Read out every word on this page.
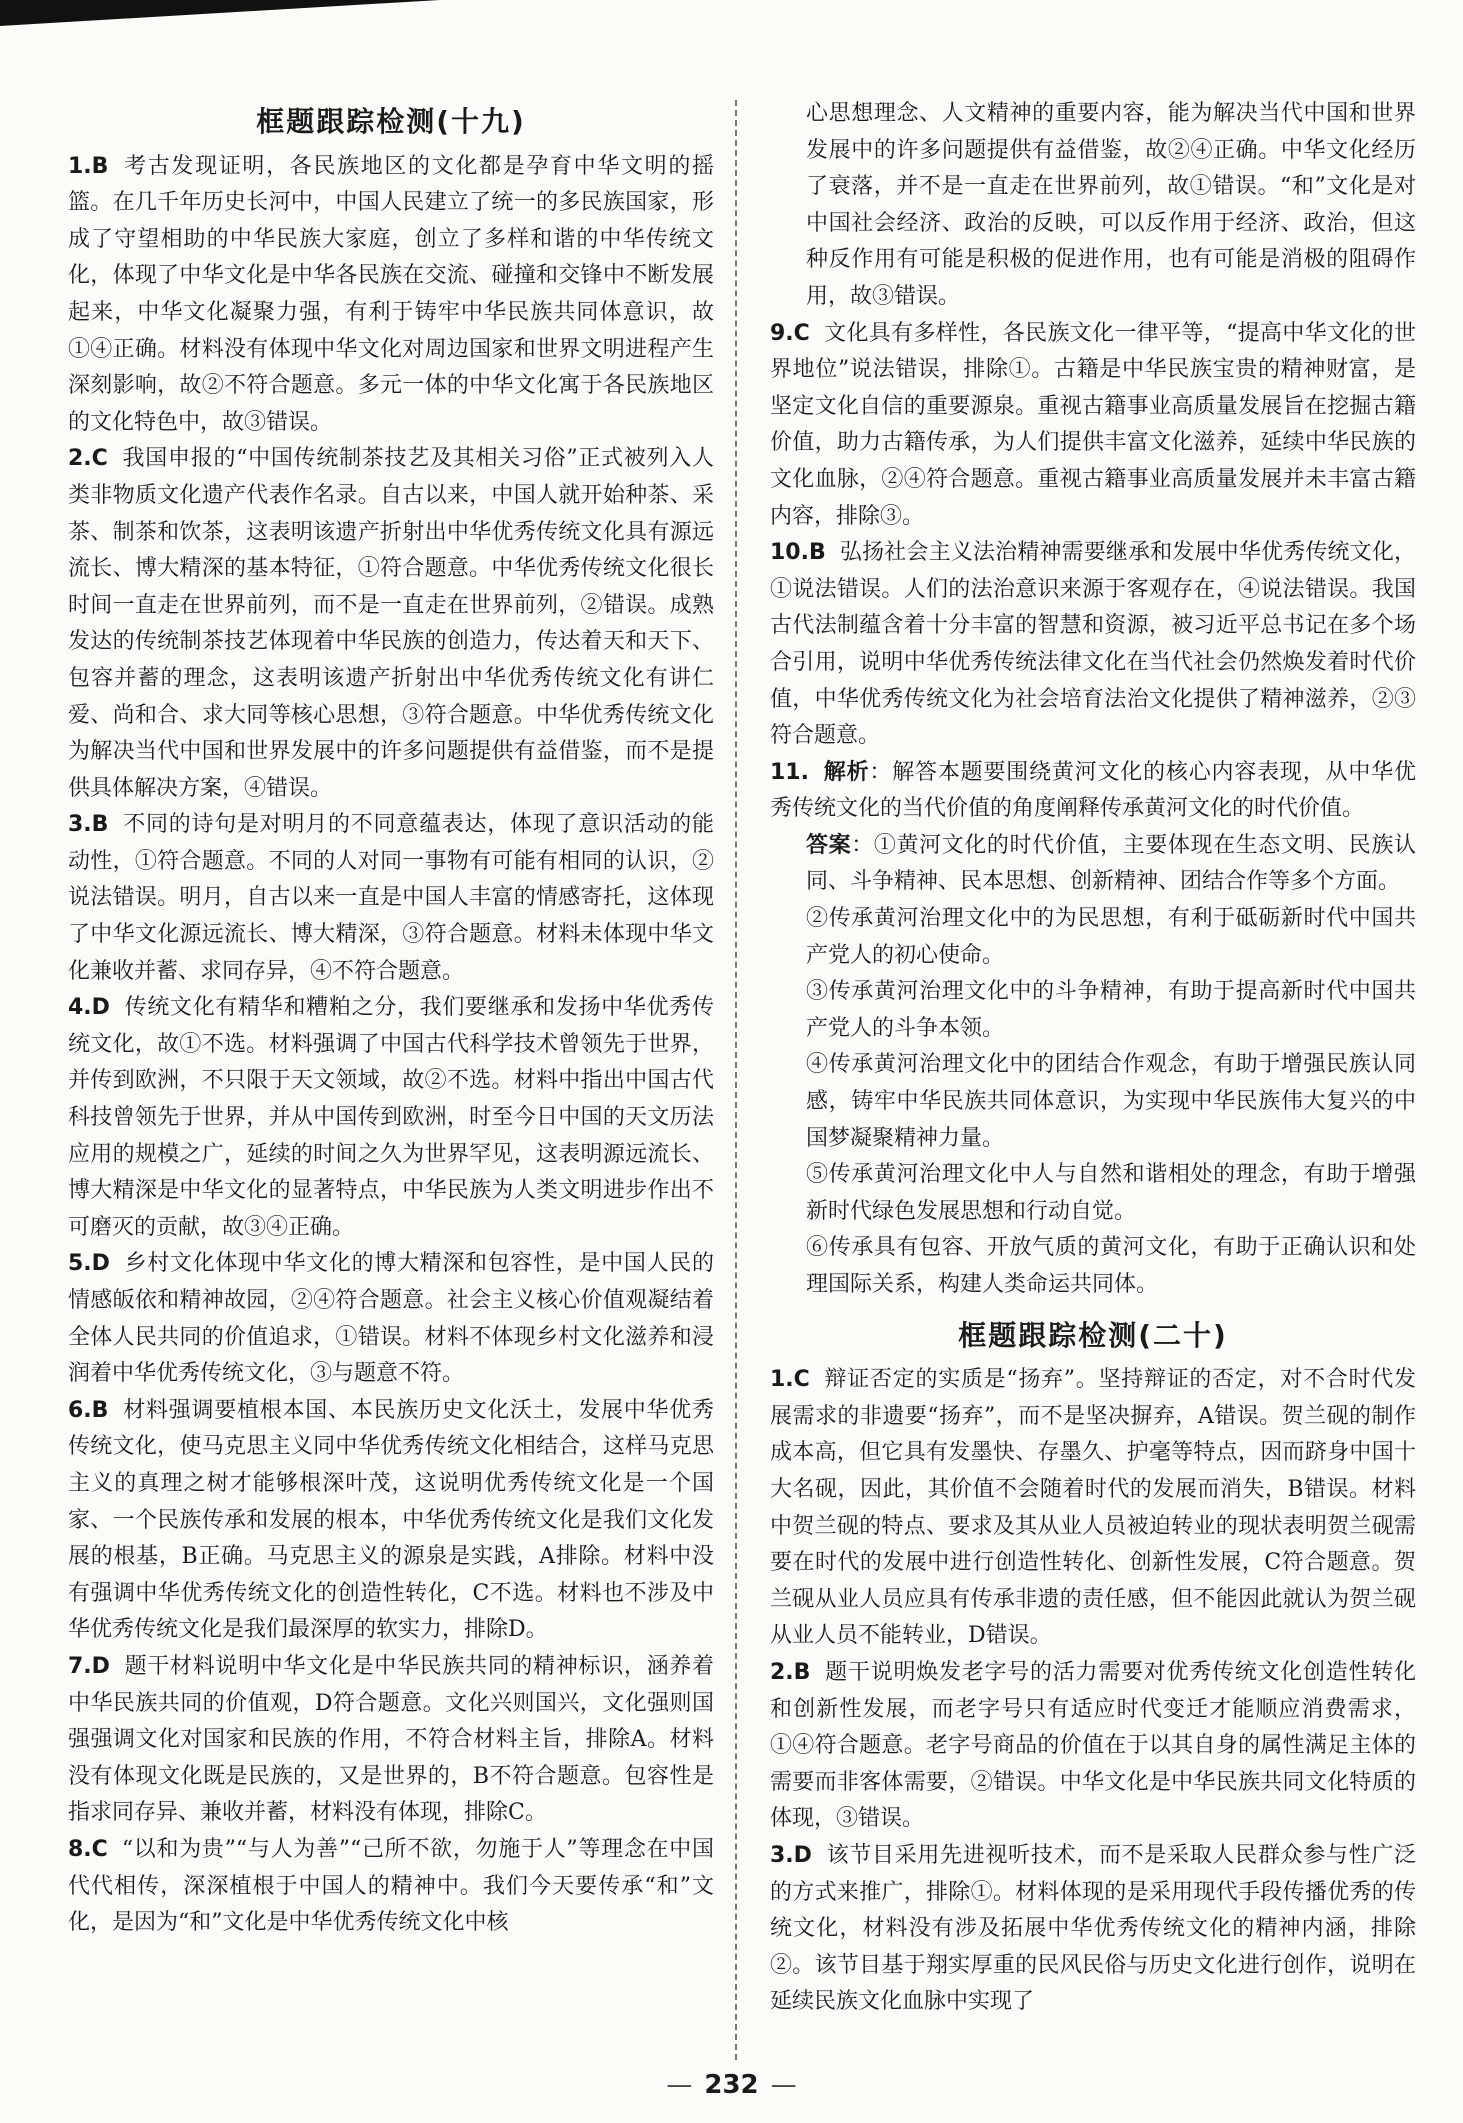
框题跟踪检测(十九)

1.B 考古发现证明，各民族地区的文化都是孕育中华文明的摇篮。在几千年历史长河中，中国人民建立了统一的多民族国家，形成了守望相助的中华民族大家庭，创立了多样和谐的中华传统文化，体现了中华文化是中华各民族在交流、碰撞和交锋中不断发展起来，中华文化凝聚力强，有利于铸牢中华民族共同体意识，故①④正确。材料没有体现中华文化对周边国家和世界文明进程产生深刻影响，故②不符合题意。多元一体的中华文化寓于各民族地区的文化特色中，故③错误。

2.C 我国申报的“中国传统制茶技艺及其相关习俗”正式被列入人类非物质文化遗产代表作名录。自古以来，中国人就开始种茶、采茶、制茶和饮茶，这表明该遗产折射出中华优秀传统文化具有源远流长、博大精深的基本特征，①符合题意。中华优秀传统文化很长时间一直走在世界前列，而不是一直走在世界前列，②错误。成熟发达的传统制茶技艺体现着中华民族的创造力，传达着天和天下、包容并蓄的理念，这表明该遗产折射出中华优秀传统文化有讲仁爱、尚和合、求大同等核心思想，③符合题意。中华优秀传统文化为解决当代中国和世界发展中的许多问题提供有益借鉴，而不是提供具体解决方案，④错误。

3.B 不同的诗句是对明月的不同意蕴表达，体现了意识活动的能动性，①符合题意。不同的人对同一事物有可能有相同的认识，②说法错误。明月，自古以来一直是中国人丰富的情感寄托，这体现了中华文化源远流长、博大精深，③符合题意。材料未体现中华文化兼收并蓄、求同存异，④不符合题意。

4.D 传统文化有精华和糟粕之分，我们要继承和发扬中华优秀传统文化，故①不选。材料强调了中国古代科学技术曾领先于世界，并传到欧洲，不只限于天文领域，故②不选。材料中指出中国古代科技曾领先于世界，并从中国传到欧洲，时至今日中国的天文历法应用的规模之广，延续的时间之久为世界罕见，这表明源远流长、博大精深是中华文化的显著特点，中华民族为人类文明进步作出不可磨灭的贡献，故③④正确。

5.D 乡村文化体现中华文化的博大精深和包容性，是中国人民的情感皈依和精神故园，②④符合题意。社会主义核心价值观凝结着全体人民共同的价值追求，①错误。材料不体现乡村文化滋养和浸润着中华优秀传统文化，③与题意不符。

6.B 材料强调要植根本国、本民族历史文化沃土，发展中华优秀传统文化，使马克思主义同中华优秀传统文化相结合，这样马克思主义的真理之树才能够根深叶茂，这说明优秀传统文化是一个国家、一个民族传承和发展的根本，中华优秀传统文化是我们文化发展的根基，B正确。马克思主义的源泉是实践，A排除。材料中没有强调中华优秀传统文化的创造性转化，C不选。材料也不涉及中华优秀传统文化是我们最深厚的软实力，排除D。

7.D 题干材料说明中华文化是中华民族共同的精神标识，涵养着中华民族共同的价值观，D符合题意。文化兴则国兴，文化强则国强强调文化对国家和民族的作用，不符合材料主旨，排除A。材料没有体现文化既是民族的，又是世界的，B不符合题意。包容性是指求同存异、兼收并蓄，材料没有体现，排除C。

8.C “以和为贵”“与人为善”“己所不欲，勿施于人”等理念在中国代代相传，深深植根于中国人的精神中。我们今天要传承“和”文化，是因为“和”文化是中华优秀传统文化中核

心思想理念、人文精神的重要内容，能为解决当代中国和世界发展中的许多问题提供有益借鉴，故②④正确。中华文化经历了衰落，并不是一直走在世界前列，故①错误。“和”文化是对中国社会经济、政治的反映，可以反作用于经济、政治，但这种反作用有可能是积极的促进作用，也有可能是消极的阻碍作用，故③错误。

9.C 文化具有多样性，各民族文化一律平等，“提高中华文化的世界地位”说法错误，排除①。古籍是中华民族宝贵的精神财富，是坚定文化自信的重要源泉。重视古籍事业高质量发展旨在挖掘古籍价值，助力古籍传承，为人们提供丰富文化滋养，延续中华民族的文化血脉，②④符合题意。重视古籍事业高质量发展并未丰富古籍内容，排除③。

10.B 弘扬社会主义法治精神需要继承和发展中华优秀传统文化，①说法错误。人们的法治意识来源于客观存在，④说法错误。我国古代法制蕴含着十分丰富的智慧和资源，被习近平总书记在多个场合引用，说明中华优秀传统法律文化在当代社会仍然焕发着时代价值，中华优秀传统文化为社会培育法治文化提供了精神滋养，②③符合题意。

11. 解析：解答本题要围绕黄河文化的核心内容表现，从中华优秀传统文化的当代价值的角度阐释传承黄河文化的时代价值。

答案：①黄河文化的时代价值，主要体现在生态文明、民族认同、斗争精神、民本思想、创新精神、团结合作等多个方面。

②传承黄河治理文化中的为民思想，有利于砥砺新时代中国共产党人的初心使命。

③传承黄河治理文化中的斗争精神，有助于提高新时代中国共产党人的斗争本领。

④传承黄河治理文化中的团结合作观念，有助于增强民族认同感，铸牢中华民族共同体意识，为实现中华民族伟大复兴的中国梦凝聚精神力量。

⑤传承黄河治理文化中人与自然和谐相处的理念，有助于增强新时代绿色发展思想和行动自觉。

⑥传承具有包容、开放气质的黄河文化，有助于正确认识和处理国际关系，构建人类命运共同体。

框题跟踪检测(二十)

1.C 辩证否定的实质是“扬弃”。坚持辩证的否定，对不合时代发展需求的非遗要“扬弃”，而不是坚决摒弃，A错误。贺兰砚的制作成本高，但它具有发墨快、存墨久、护毫等特点，因而跻身中国十大名砚，因此，其价值不会随着时代的发展而消失，B错误。材料中贺兰砚的特点、要求及其从业人员被迫转业的现状表明贺兰砚需要在时代的发展中进行创造性转化、创新性发展，C符合题意。贺兰砚从业人员应具有传承非遗的责任感，但不能因此就认为贺兰砚从业人员不能转业，D错误。

2.B 题干说明焕发老字号的活力需要对优秀传统文化创造性转化和创新性发展，而老字号只有适应时代变迁才能顺应消费需求，①④符合题意。老字号商品的价值在于以其自身的属性满足主体的需要而非客体需要，②错误。中华文化是中华民族共同文化特质的体现，③错误。

3.D 该节目采用先进视听技术，而不是采取人民群众参与性广泛的方式来推广，排除①。材料体现的是采用现代手段传播优秀的传统文化，材料没有涉及拓展中华优秀传统文化的精神内涵，排除②。该节目基于翔实厚重的民风民俗与历史文化进行创作，说明在延续民族文化血脉中实现了

— 232 —
